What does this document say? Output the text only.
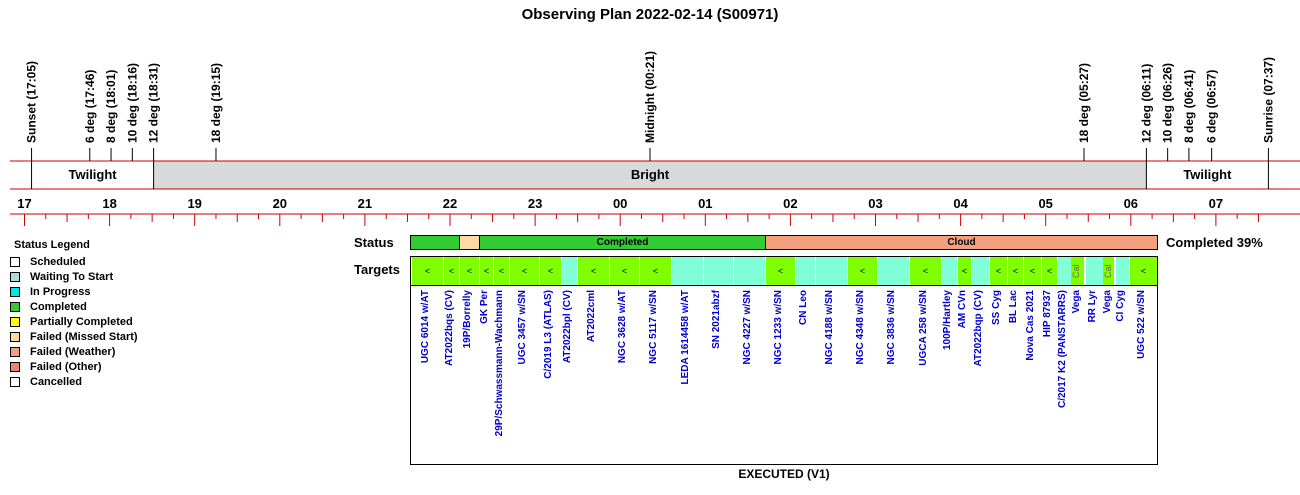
Observing Plan 2022-02-14 (S00971)
Twilight	Bright	Twilight
Sunset (17:05)	6 deg (17:46) 8 deg (18:01) 10 deg (18:16) 12 deg (18:31)	18 deg (19:15)	Midnight (00:21)	18 deg (05:27)	12 deg (06:11) 10 deg (06:26) 8 deg (06:41) 6 deg (06:57)	Sunrise (07:37)
17	18	19	20	21	22	23	00	01	02	03	04	05	06	07
Status Legend
Scheduled
Waiting To Start
In Progress
Completed
Partially Completed
Failed (Missed Start)
Failed (Weather)
Failed (Other)
Cancelled
Status	Completed	Cloud	Completed 39%
Targets	<	<	<	<	<	<	<	<	<	<	<	<	<	<	<	<	<	<	Cal	Cal	<
UGC 6014 w/AT AT2022bqs (CV) 19P/Borrelly GK Per 29P/Schwassmann-Wachmann UGC 3457 w/SN C/2019 L3 (ATLAS) AT2022bpl (CV) AT2022cml NGC 3628 w/AT NGC 5117 w/SN LEDA 1614458 w/AT SN 2021abzf NGC 4227 w/SN NGC 1233 w/SN CN Leo NGC 4188 w/SN NGC 4348 w/SN NGC 3836 w/SN UGCA 258 w/SN 100P/Hartley AM CVn AT2022bqp (CV) SS Cyg BL Lac Nova Cas 2021 HIP 87937 C/2017 K2 (PANSTARRS) Vega RR Lyr Vega CI Cyg UGC 522 w/SN
EXECUTED (V1)
